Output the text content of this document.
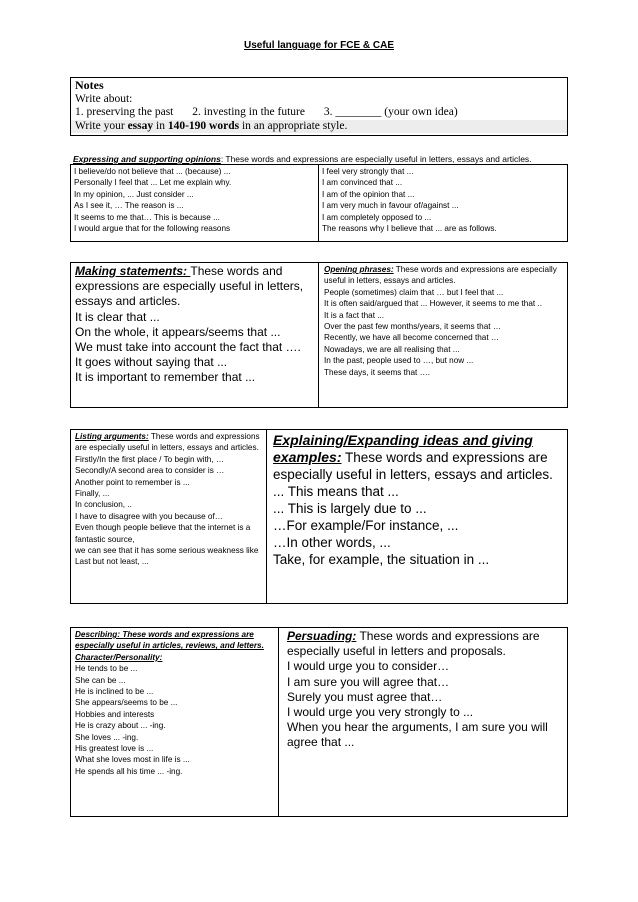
Useful language for FCE & CAE
Notes
Write about:
1. preserving the past 2. investing in the future 3. ________ (your own idea)
Write your essay in 140-190 words in an appropriate style.
Expressing and supporting opinions: These words and expressions are especially useful in letters, essays and articles.
I believe/do not believe that ... (because) ...
Personally I feel that ... Let me explain why.
In my opinion, ... Just consider ...
As I see it, … The reason is ...
It seems to me that… This is because ...
I would argue that for the following reasons
I feel very strongly that ...
I am convinced that ...
I am of the opinion that ...
I am very much in favour of/against ...
I am completely opposed to ...
The reasons why I believe that ... are as follows.
Making statements: These words and expressions are especially useful in letters, essays and articles.
It is clear that ...
On the whole, it appears/seems that ...
We must take into account the fact that ….
It goes without saying that ...
It is important to remember that ...
Opening phrases: These words and expressions are especially useful in letters, essays and articles.
People (sometimes) claim that … but I feel that ...
It is often said/argued that ... However, it seems to me that ..
It is a fact that ...
Over the past few months/years, it seems that …
Recently, we have all become concerned that …
Nowadays, we are all realising that ...
In the past, people used to …, but now ...
These days, it seems that ….
Listing arguments: These words and expressions are especially useful in letters, essays and articles.
Firstly/In the first place / To begin with, …
Secondly/A second area to consider is …
Another point to remember is ...
Finally, ...
In conclusion, ..
I have to disagree with you because of…
Even though people believe that the internet is a fantastic source,
we can see that it has some serious weakness like
Last but not least, ...
Explaining/Expanding ideas and giving examples: These words and expressions are especially useful in letters, essays and articles.
... This means that ...
... This is largely due to ...
…For example/For instance, ...
…In other words, ...
Take, for example, the situation in ...
Describing: These words and expressions are especially useful in articles, reviews, and letters.
Character/Personality:
He tends to be ...
She can be ...
He is inclined to be ...
She appears/seems to be ...
Hobbies and interests
He is crazy about ... -ing.
She loves ... -ing.
His greatest love is ...
What she loves most in life is ...
He spends all his time ... -ing.
Persuading: These words and expressions are especially useful in letters and proposals.
I would urge you to consider…
I am sure you will agree that…
Surely you must agree that…
I would urge you very strongly to ...
When you hear the arguments, I am sure you will agree that ...
